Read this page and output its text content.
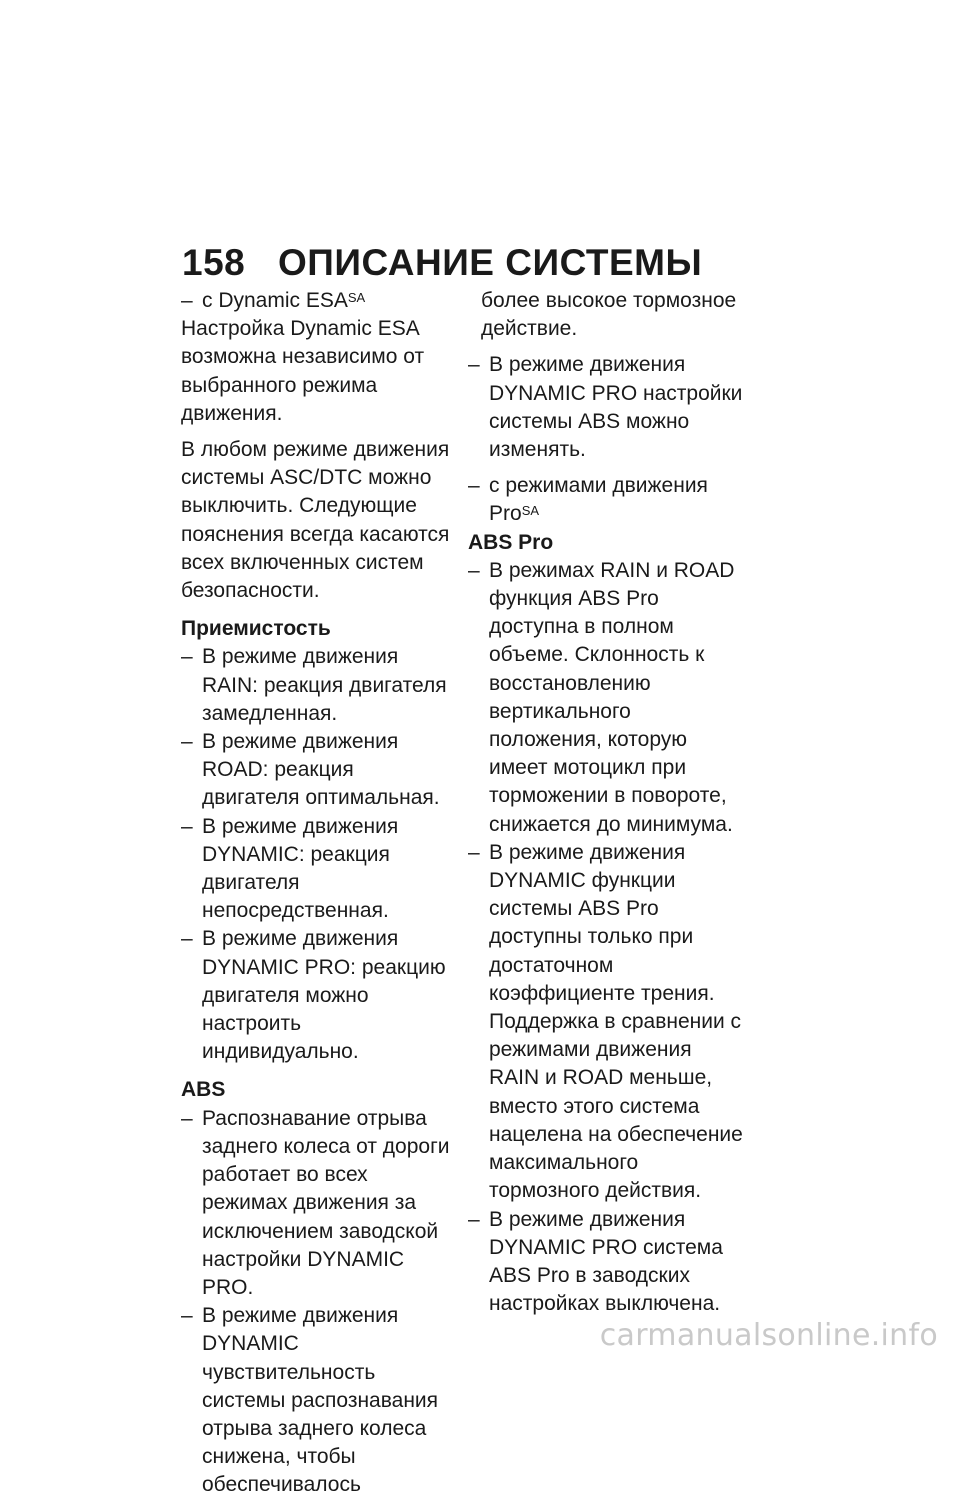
158 ОПИСАНИЕ СИСТЕМЫ
– с Dynamic $ESA^{SA}$

Настройка Dynamic ESA возможна независимо от выбранного режима движения.

В любом режиме движения системы ASC/DTC можно выключить. Следующие пояснения всегда касаются всех включенных систем безопасности.

Приемистость
– В режиме движения RAIN: реакция двигателя замедленная.
– В режиме движения ROAD: реакция двигателя оптимальная.
– В режиме движения DYNAMIC: реакция двигателя непосредственная.
– В режиме движения DYNAMIC PRO: реакцию двигателя можно настроить индивидуально.
ABS
– Распознавание отрыва заднего колеса от дороги работает во всех режимах движения за исключением заводской настройки DYNAMIC PRO.
– В режиме движения DYNAMIC чувствительность системы распознавания отрыва заднего колеса снижена, чтобы обеспечивалось

более высокое тормозное действие.

– В режиме движения DYNAMIC PRO настройки системы ABS можно изменять.
– с режимами движения Pro$^{SA}$
ABS Pro
– В режимах RAIN и ROAD функция ABS Pro доступна в полном объеме. Склонность к восстановлению вертикального положения, которую имеет мотоцикл при торможении в повороте, снижается до минимума.
– В режиме движения DYNAMIC функции системы ABS Pro доступны только при достаточном коэффициенте трения. Поддержка в сравнении с режимами движения RAIN и ROAD меньше, вместо этого система нацелена на обеспечение максимального тормозного действия.
– В режиме движения DYNAMIC PRO система ABS Pro в заводских настройках выключена.
carmanualsonline.info
